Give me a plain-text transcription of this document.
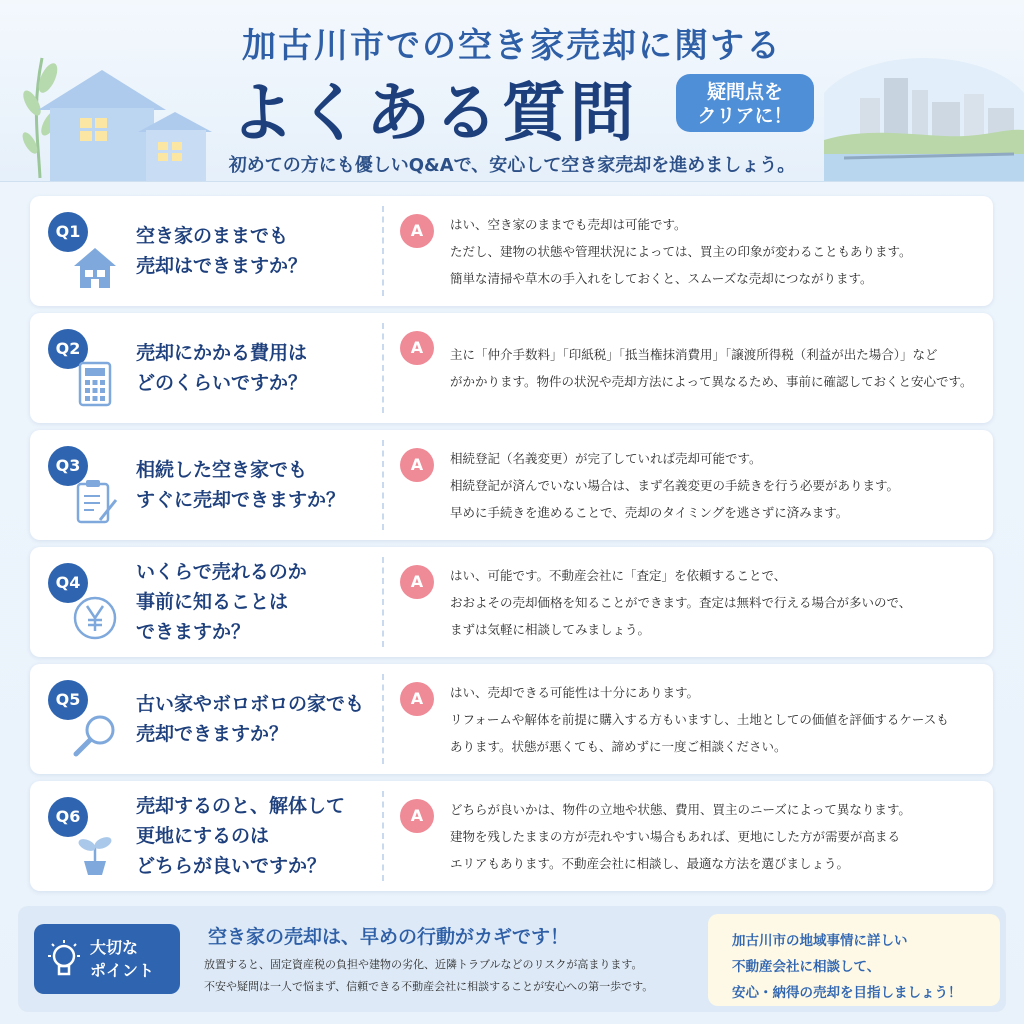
加古川市での空き家売却に関する
よくある質問	疑問点を
クリアに！
初めての方にも優しいQ&Aで、安心して空き家売却を進めましょう。
Q1	空き家のままでも
売却はできますか？
A	はい、空き家のままでも売却は可能です。
ただし、建物の状態や管理状況によっては、買主の印象が変わることもあります。
簡単な清掃や草木の手入れをしておくと、スムーズな売却につながります。
Q2	売却にかかる費用は
どのくらいですか？
A	主に「仲介手数料」「印紙税」「抵当権抹消費用」「譲渡所得税（利益が出た場合）」など
がかかります。物件の状況や売却方法によって異なるため、事前に確認しておくと安心です。
Q3	相続した空き家でも
すぐに売却できますか？
A	相続登記（名義変更）が完了していれば売却可能です。
相続登記が済んでいない場合は、まず名義変更の手続きを行う必要があります。
早めに手続きを進めることで、売却のタイミングを逃さずに済みます。
Q4	いくらで売れるのか
事前に知ることは
できますか？
A	はい、可能です。不動産会社に「査定」を依頼することで、
おおよその売却価格を知ることができます。査定は無料で行える場合が多いので、
まずは気軽に相談してみましょう。
Q5	古い家やボロボロの家でも
売却できますか？
A	はい、売却できる可能性は十分にあります。
リフォームや解体を前提に購入する方もいますし、土地としての価値を評価するケースも
あります。状態が悪くても、諦めずに一度ご相談ください。
Q6	売却するのと、解体して
更地にするのは
どちらが良いですか？
A	どちらが良いかは、物件の立地や状態、費用、買主のニーズによって異なります。
建物を残したままの方が売れやすい場合もあれば、更地にした方が需要が高まる
エリアもあります。不動産会社に相談し、最適な方法を選びましょう。
大切な
ポイント
空き家の売却は、早めの行動がカギです！
放置すると、固定資産税の負担や建物の劣化、近隣トラブルなどのリスクが高まります。
不安や疑問は一人で悩まず、信頼できる不動産会社に相談することが安心への第一歩です。
加古川市の地域事情に詳しい
不動産会社に相談して、
安心・納得の売却を目指しましょう！
